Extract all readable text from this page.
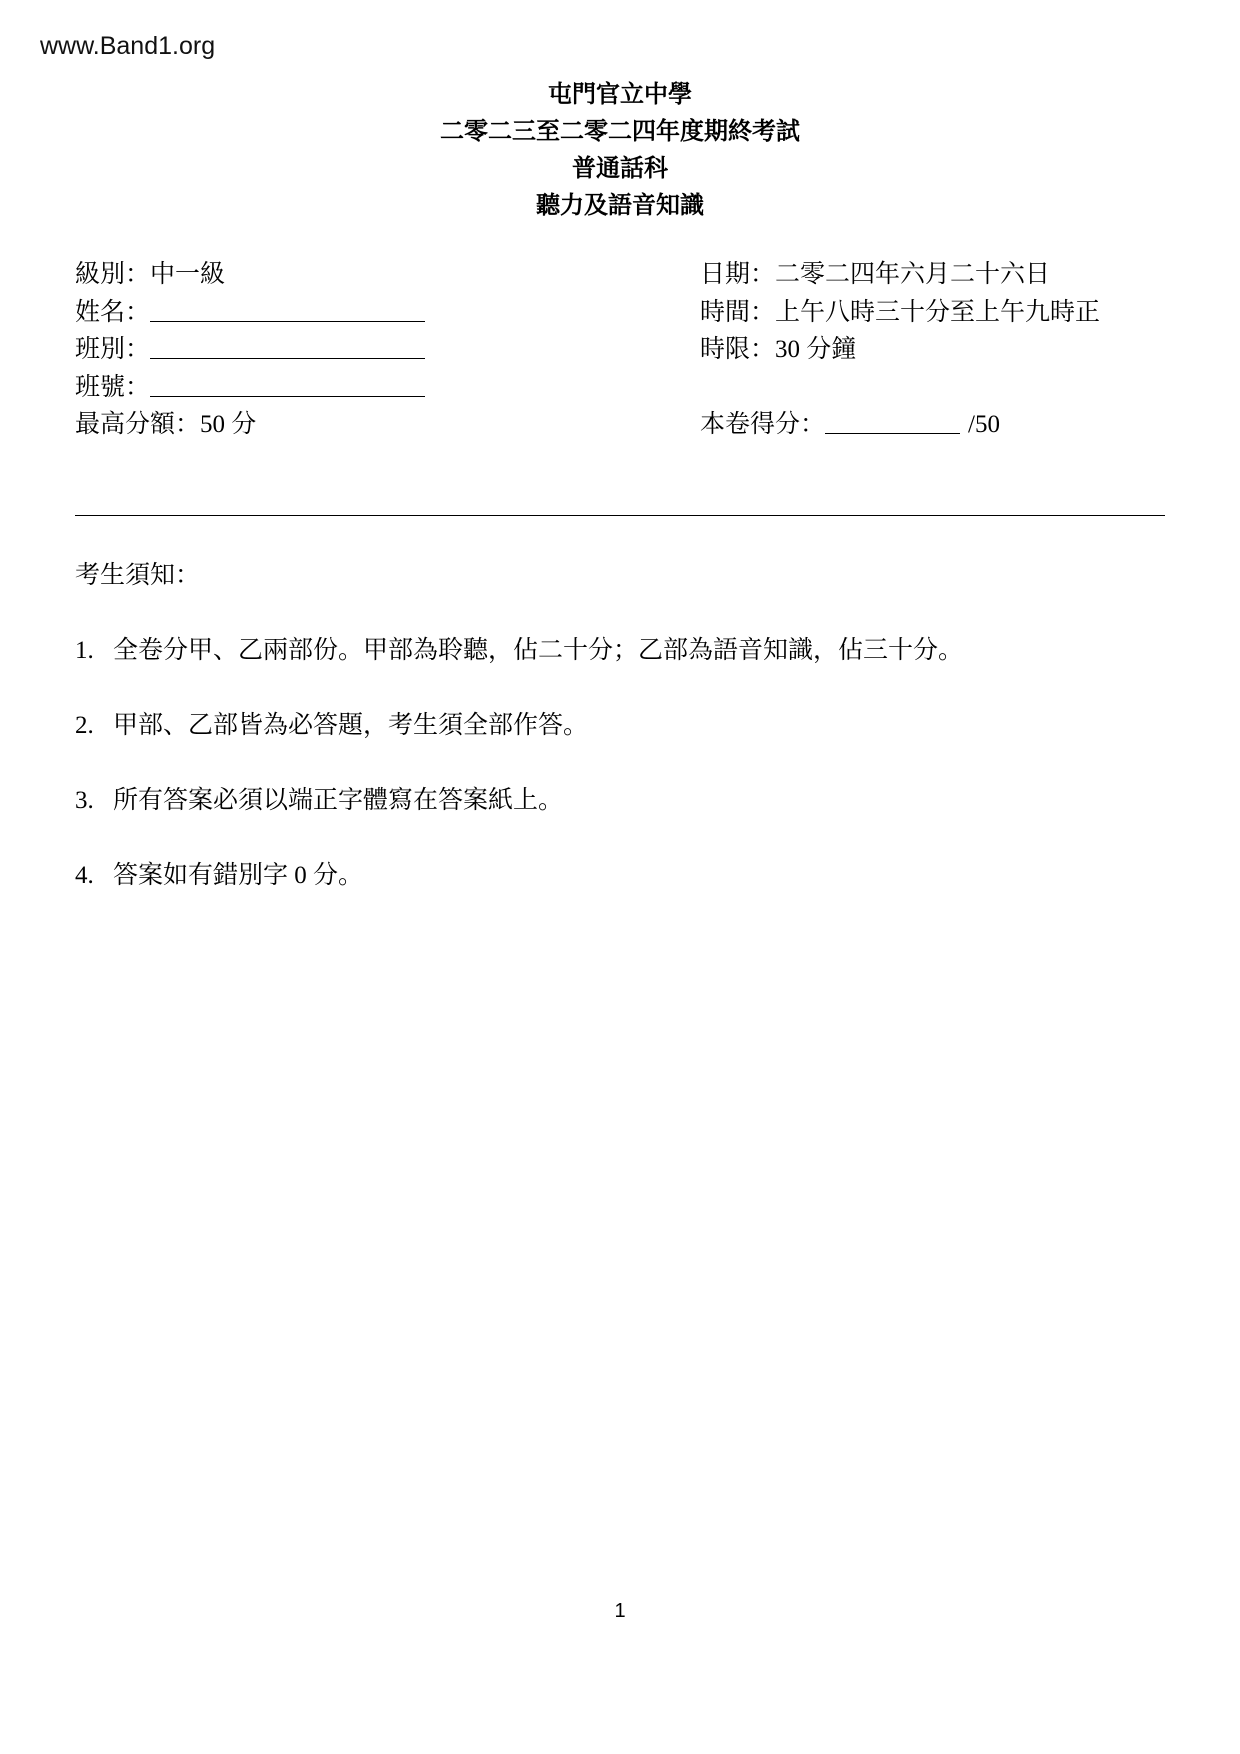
www.Band1.org
屯門官立中學
二零二三至二零二四年度期終考試
普通話科
聽力及語音知識
級別：中一級
姓名：
班別：
班號：
最高分額：50 分
日期：二零二四年六月二十六日
時間：上午八時三十分至上午九時正
時限：30 分鐘
本卷得分：	/50
考生須知：
1. 全卷分甲、乙兩部份。甲部為聆聽，佔二十分；乙部為語音知識，佔三十分。
2. 甲部、乙部皆為必答題，考生須全部作答。
3. 所有答案必須以端正字體寫在答案紙上。
4. 答案如有錯別字 0 分。
1
